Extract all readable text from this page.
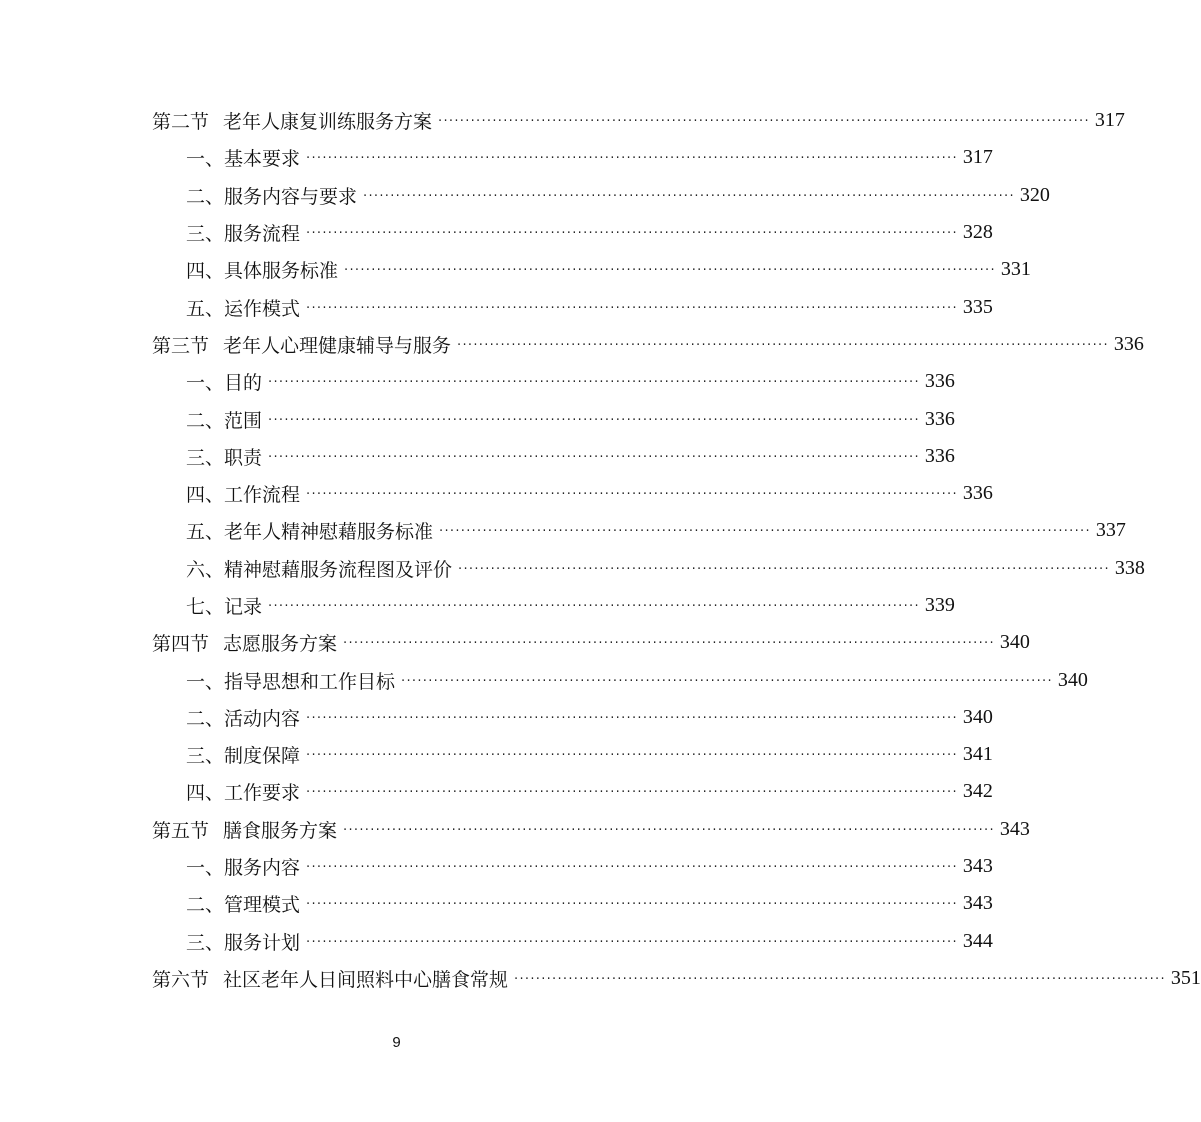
第二节 老年人康复训练服务方案 ························································································································ 317
一、基本要求 ························································································································ 317
二、服务内容与要求 ························································································································ 320
三、服务流程 ························································································································ 328
四、具体服务标准 ························································································································ 331
五、运作模式 ························································································································ 335
第三节 老年人心理健康辅导与服务 ························································································································ 336
一、目的 ························································································································ 336
二、范围 ························································································································ 336
三、职责 ························································································································ 336
四、工作流程 ························································································································ 336
五、老年人精神慰藉服务标准 ························································································································ 337
六、精神慰藉服务流程图及评价 ························································································································ 338
七、记录 ························································································································ 339
第四节 志愿服务方案 ························································································································ 340
一、指导思想和工作目标 ························································································································ 340
二、活动内容 ························································································································ 340
三、制度保障 ························································································································ 341
四、工作要求 ························································································································ 342
第五节 膳食服务方案 ························································································································ 343
一、服务内容 ························································································································ 343
二、管理模式 ························································································································ 343
三、服务计划 ························································································································ 344
第六节 社区老年人日间照料中心膳食常规 ························································································································ 351
9
